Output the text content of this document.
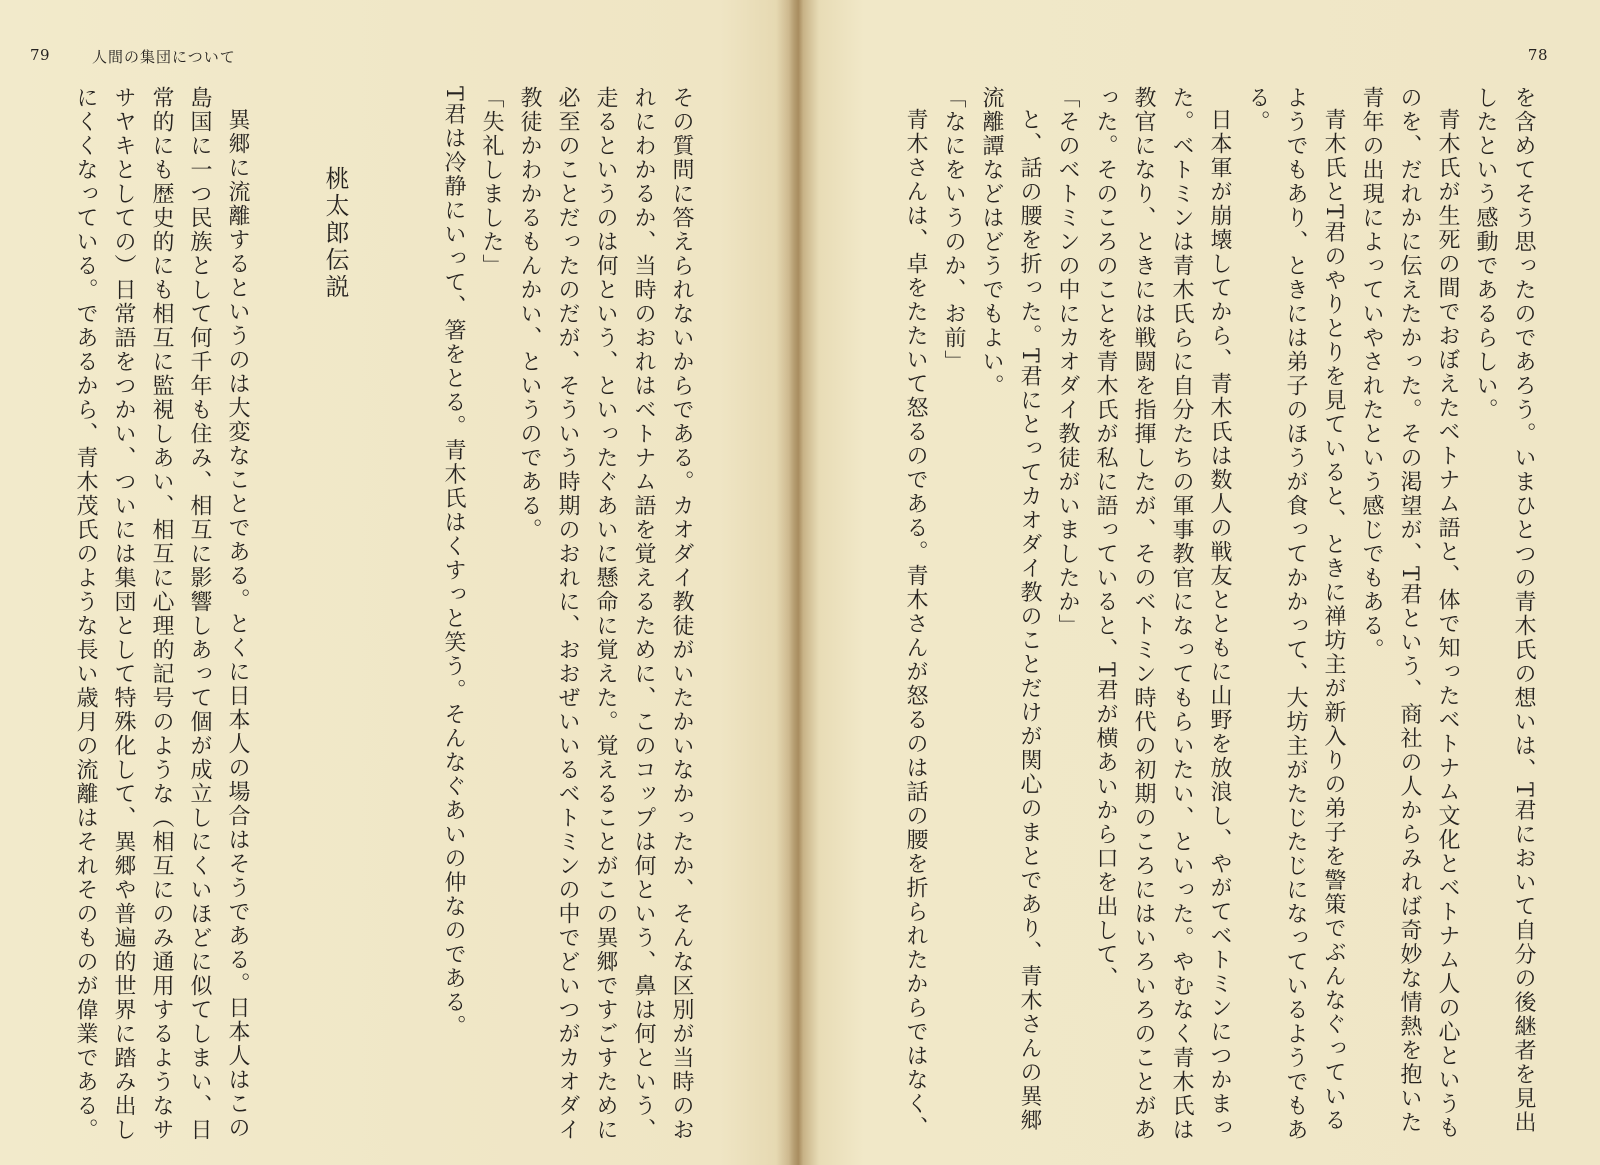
79	人間の集団について

その質問に答えられないからである。カオダイ教徒がいたかいなかったか、そんな区別が当時のおれにわかるか、当時のおれはベトナム語を覚えるために、このコップは何という、鼻は何という、走るというのは何という、といったぐあいに懸命に覚えた。覚えることがこの異郷ですごすために必至のことだったのだが、そういう時期のおれに、おおぜいいるベトミンの中でどいつがカオダイ教徒かわかるもんかい、というのである。

「失礼しました」

T君は冷静にいって、箸をとる。青木氏はくすっと笑う。そんなぐあいの仲なのである。

桃太郎伝説

異郷に流離するというのは大変なことである。とくに日本人の場合はそうである。日本人はこの島国に一つ民族として何千年も住み、相互に影響しあって個が成立しにくいほどに似てしまい、日常的にも歴史的にも相互に監視しあい、相互に心理的記号のような（相互にのみ通用するようなササヤキとしての）日常語をつかい、ついには集団として特殊化して、異郷や普遍的世界に踏み出しにくくなっている。であるから、青木茂氏のような長い歳月の流離はそれそのものが偉業である。

78

を含めてそう思ったのであろう。いまひとつの青木氏の想いは、T君において自分の後継者を見出したという感動であるらしい。

青木氏が生死の間でおぼえたベトナム語と、体で知ったベトナム文化とベトナム人の心というものを、だれかに伝えたかった。その渇望が、T君という、商社の人からみれば奇妙な情熱を抱いた青年の出現によっていやされたという感じでもある。

青木氏とT君のやりとりを見ていると、ときに禅坊主が新入りの弟子を警策でぶんなぐっているようでもあり、ときには弟子のほうが食ってかかって、大坊主がたじたじになっているようでもある。

日本軍が崩壊してから、青木氏は数人の戦友とともに山野を放浪し、やがてベトミンにつかまった。ベトミンは青木氏らに自分たちの軍事教官になってもらいたい、といった。やむなく青木氏は教官になり、ときには戦闘を指揮したが、そのベトミン時代の初期のころにはいろいろのことがあった。そのころのことを青木氏が私に語っていると、T君が横あいから口を出して、

「そのベトミンの中にカオダイ教徒がいましたか」

と、話の腰を折った。T君にとってカオダイ教のことだけが関心のまとであり、青木さんの異郷流離譚などはどうでもよい。

「なにをいうのか、お前」

青木さんは、卓をたたいて怒るのである。青木さんが怒るのは話の腰を折られたからではなく、
